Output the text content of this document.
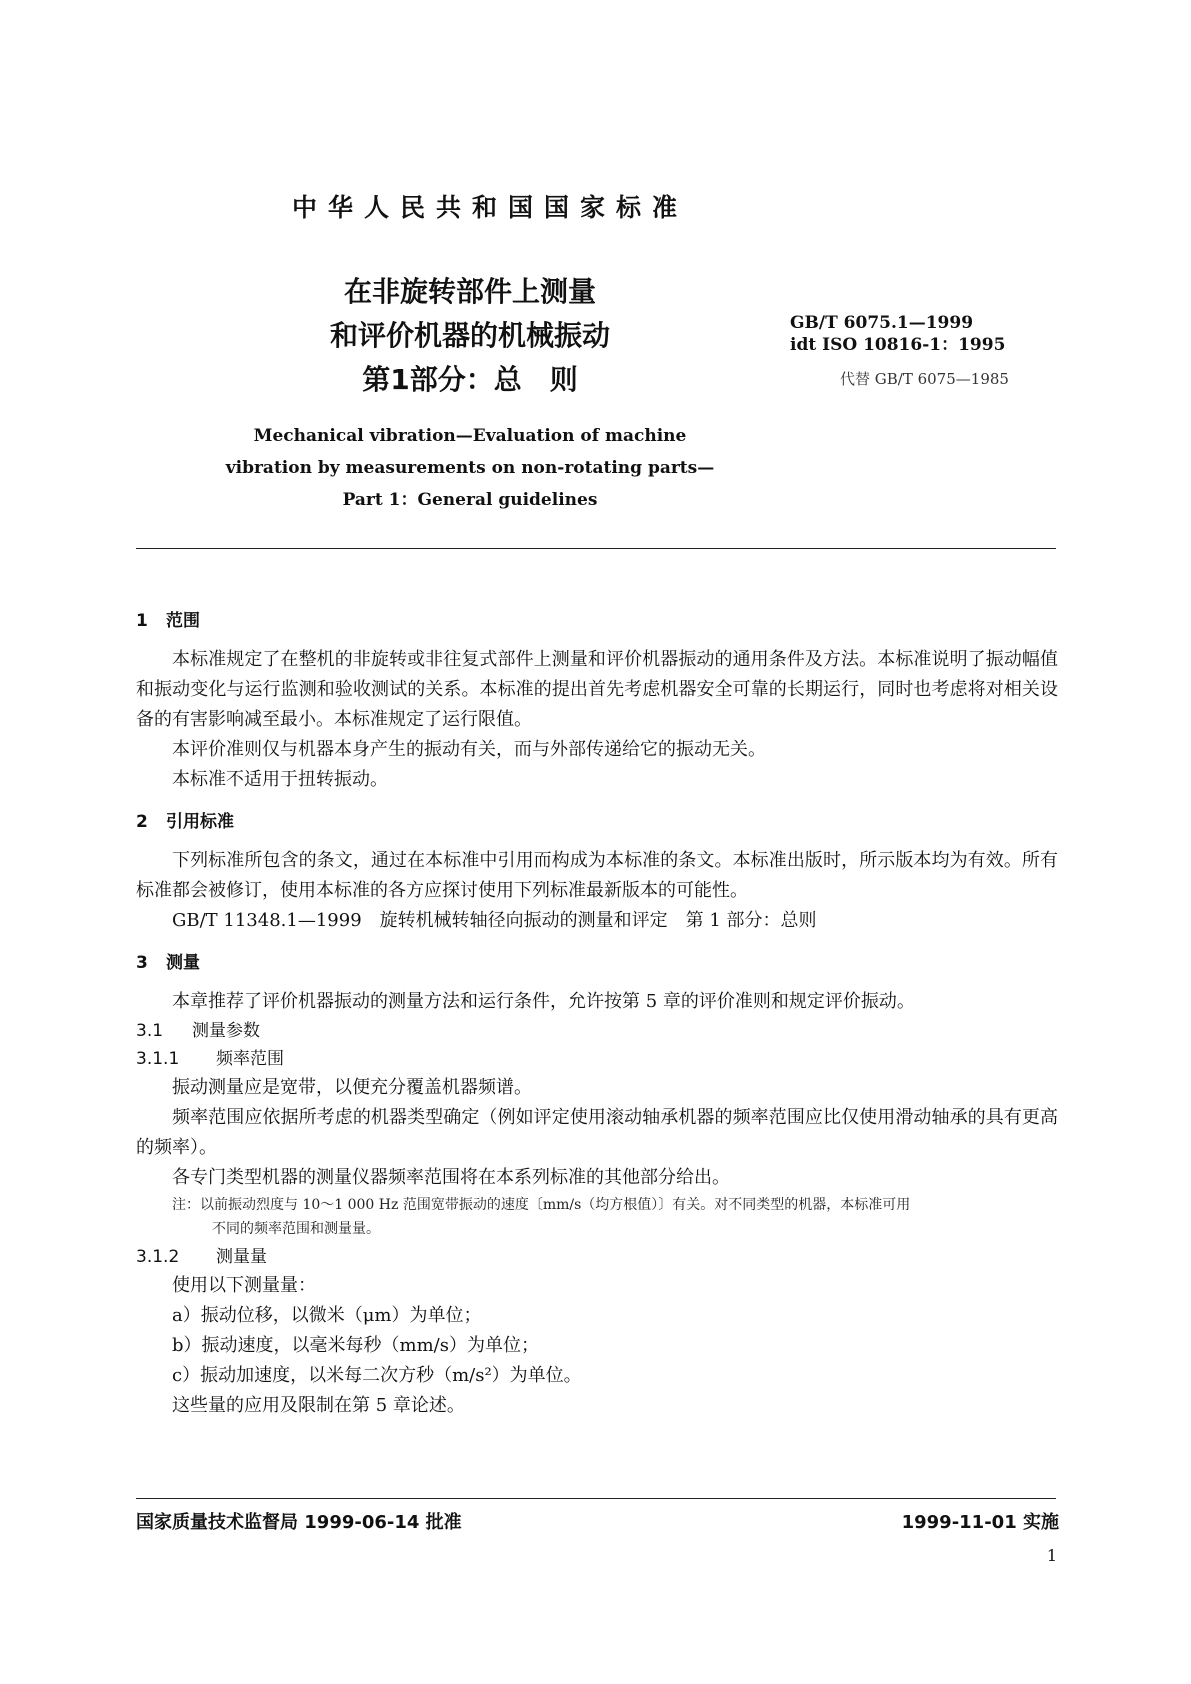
中华人民共和国国家标准
在非旋转部件上测量
和评价机器的机械振动
第1部分：总　则
GB/T 6075.1—1999
idt ISO 10816-1：1995
代替 GB/T 6075—1985
Mechanical vibration—Evaluation of machine
vibration by measurements on non-rotating parts—
Part 1：General guidelines
1 范围

本标准规定了在整机的非旋转或非往复式部件上测量和评价机器振动的通用条件及方法。本标准说明了振动幅值和振动变化与运行监测和验收测试的关系。本标准的提出首先考虑机器安全可靠的长期运行，同时也考虑将对相关设备的有害影响减至最小。本标准规定了运行限值。

本评价准则仅与机器本身产生的振动有关，而与外部传递给它的振动无关。

本标准不适用于扭转振动。

2 引用标准

下列标准所包含的条文，通过在本标准中引用而构成为本标准的条文。本标准出版时，所示版本均为有效。所有标准都会被修订，使用本标准的各方应探讨使用下列标准最新版本的可能性。

GB/T 11348.1—1999　旋转机械转轴径向振动的测量和评定　第 1 部分：总则
3 测量

本章推荐了评价机器振动的测量方法和运行条件，允许按第 5 章的评价准则和规定评价振动。

3.1 测量参数
3.1.1 频率范围

振动测量应是宽带，以便充分覆盖机器频谱。

频率范围应依据所考虑的机器类型确定（例如评定使用滚动轴承机器的频率范围应比仅使用滑动轴承的具有更高的频率）。

各专门类型机器的测量仪器频率范围将在本系列标准的其他部分给出。

注：以前振动烈度与 10～1 000 Hz 范围宽带振动的速度〔mm/s（均方根值）〕有关。对不同类型的机器，本标准可用
不同的频率范围和测量量。
3.1.2 测量量
使用以下测量量：
a）振动位移，以微米（μm）为单位；
b）振动速度，以毫米每秒（mm/s）为单位；
c）振动加速度，以米每二次方秒（m/s²）为单位。
这些量的应用及限制在第 5 章论述。
国家质量技术监督局 1999-06-14 批准	1999-11-01 实施
1
